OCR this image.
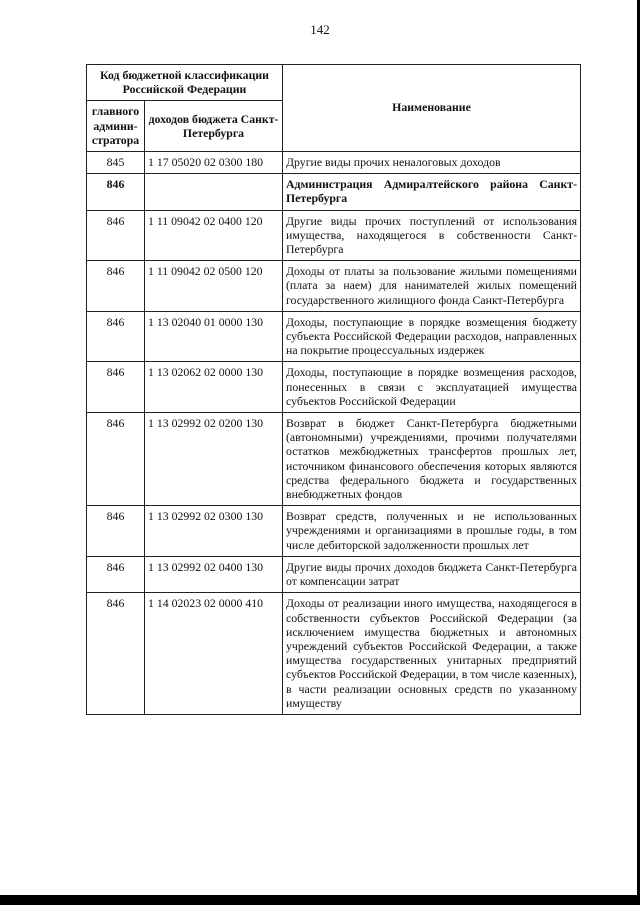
142
Код бюджетной классификации Российской Федерации		Наименование
главного админи-стратора	доходов бюджета Санкт-Петербурга	
845	1 17 05020 02 0300 180	Другие виды прочих неналоговых доходов
846		Администрация Адмиралтейского района Санкт-Петербурга
846	1 11 09042 02 0400 120	Другие виды прочих поступлений от использования имущества, находящегося в собственности Санкт-Петербурга
846	1 11 09042 02 0500 120	Доходы от платы за пользование жилыми помещениями (плата за наем) для нанимателей жилых помещений государственного жилищного фонда Санкт-Петербурга
846	1 13 02040 01 0000 130	Доходы, поступающие в порядке возмещения бюджету субъекта Российской Федерации расходов, направленных на покрытие процессуальных издержек
846	1 13 02062 02 0000 130	Доходы, поступающие в порядке возмещения расходов, понесенных в связи с эксплуатацией имущества субъектов Российской Федерации
846	1 13 02992 02 0200 130	Возврат в бюджет Санкт-Петербурга бюджетными (автономными) учреждениями, прочими получателями остатков межбюджетных трансфертов прошлых лет, источником финансового обеспечения которых являются средства федерального бюджета и государственных внебюджетных фондов
846	1 13 02992 02 0300 130	Возврат средств, полученных и не использованных учреждениями и организациями в прошлые годы, в том числе дебиторской задолженности прошлых лет
846	1 13 02992 02 0400 130	Другие виды прочих доходов бюджета Санкт-Петербурга от компенсации затрат
846	1 14 02023 02 0000 410	Доходы от реализации иного имущества, находящегося в собственности субъектов Российской Федерации (за исключением имущества бюджетных и автономных учреждений субъектов Российской Федерации, а также имущества государственных унитарных предприятий субъектов Российской Федерации, в том числе казенных), в части реализации основных средств по указанному имуществу
